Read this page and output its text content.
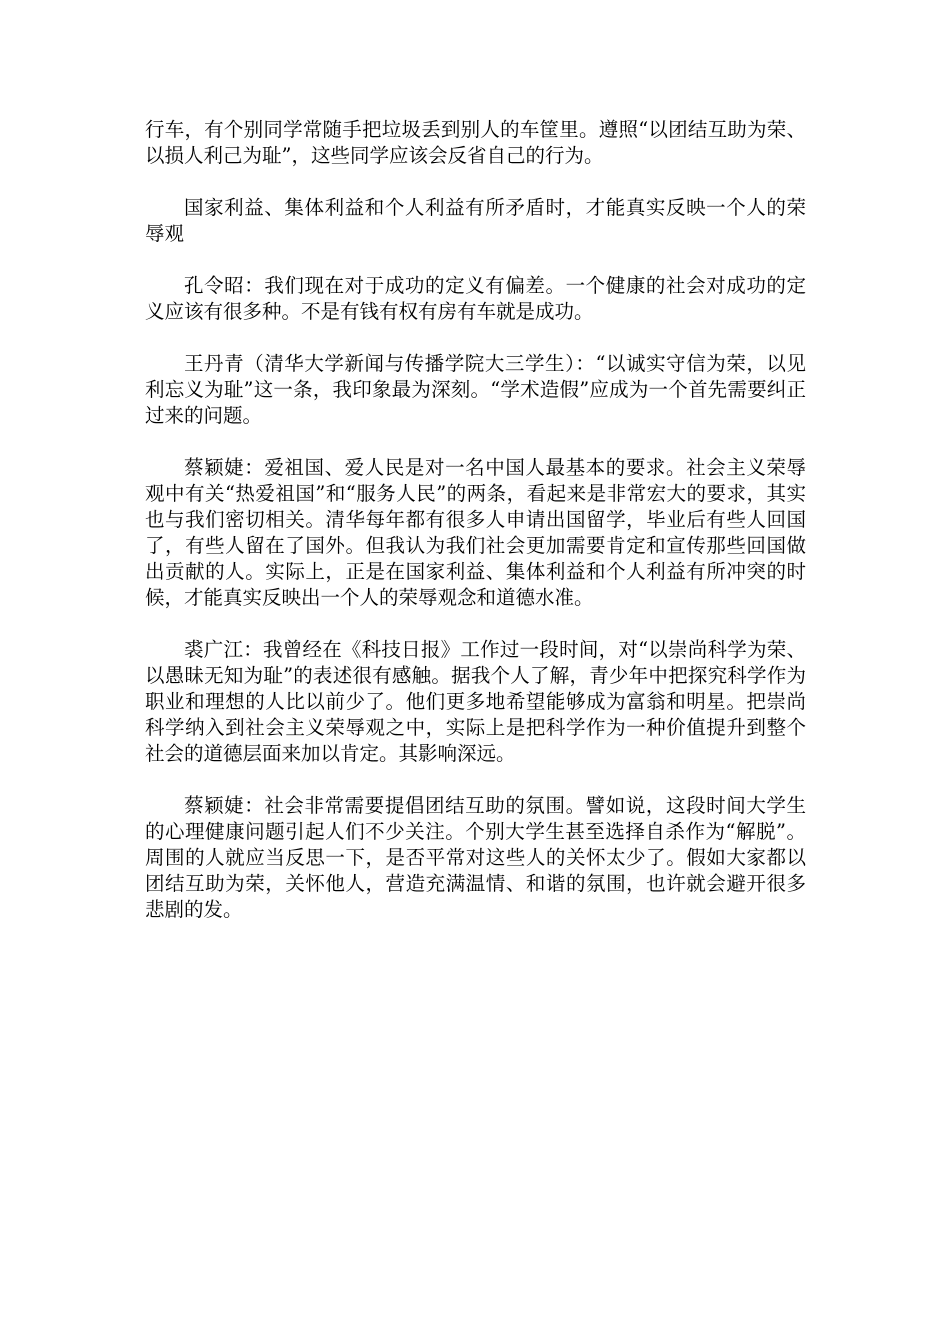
行车，有个别同学常随手把垃圾丢到别人的车筐里。遵照“以团结互助为荣、以损人利己为耻”，这些同学应该会反省自己的行为。

国家利益、集体利益和个人利益有所矛盾时，才能真实反映一个人的荣辱观

孔令昭：我们现在对于成功的定义有偏差。一个健康的社会对成功的定义应该有很多种。不是有钱有权有房有车就是成功。

王丹青（清华大学新闻与传播学院大三学生）：“以诚实守信为荣，以见利忘义为耻”这一条，我印象最为深刻。“学术造假”应成为一个首先需要纠正过来的问题。

蔡颖婕：爱祖国、爱人民是对一名中国人最基本的要求。社会主义荣辱观中有关“热爱祖国”和“服务人民”的两条，看起来是非常宏大的要求，其实也与我们密切相关。清华每年都有很多人申请出国留学，毕业后有些人回国了，有些人留在了国外。但我认为我们社会更加需要肯定和宣传那些回国做出贡献的人。实际上，正是在国家利益、集体利益和个人利益有所冲突的时候，才能真实反映出一个人的荣辱观念和道德水准。

裘广江：我曾经在《科技日报》工作过一段时间，对“以崇尚科学为荣、以愚昧无知为耻”的表述很有感触。据我个人了解，青少年中把探究科学作为职业和理想的人比以前少了。他们更多地希望能够成为富翁和明星。把崇尚科学纳入到社会主义荣辱观之中，实际上是把科学作为一种价值提升到整个社会的道德层面来加以肯定。其影响深远。

蔡颖婕：社会非常需要提倡团结互助的氛围。譬如说，这段时间大学生的心理健康问题引起人们不少关注。个别大学生甚至选择自杀作为“解脱”。周围的人就应当反思一下，是否平常对这些人的关怀太少了。假如大家都以团结互助为荣，关怀他人，营造充满温情、和谐的氛围，也许就会避开很多悲剧的发。
